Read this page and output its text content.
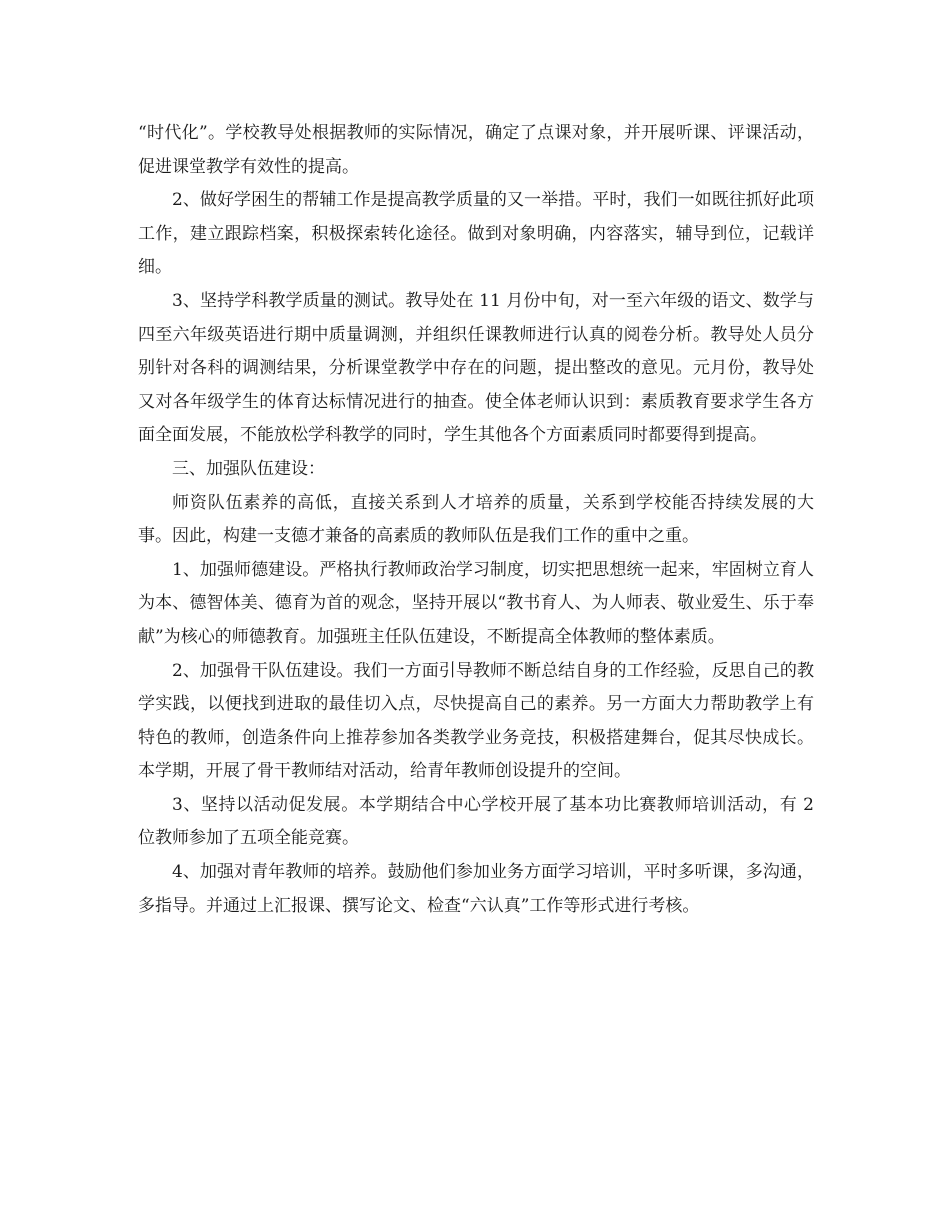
“时代化”。学校教导处根据教师的实际情况，确定了点课对象，并开展听课、评课活动，促进课堂教学有效性的提高。

2、做好学困生的帮辅工作是提高教学质量的又一举措。平时，我们一如既往抓好此项工作，建立跟踪档案，积极探索转化途径。做到对象明确，内容落实，辅导到位，记载详细。

3、坚持学科教学质量的测试。教导处在 11 月份中旬，对一至六年级的语文、数学与四至六年级英语进行期中质量调测，并组织任课教师进行认真的阅卷分析。教导处人员分别针对各科的调测结果，分析课堂教学中存在的问题，提出整改的意见。元月份，教导处又对各年级学生的体育达标情况进行的抽查。使全体老师认识到：素质教育要求学生各方面全面发展，不能放松学科教学的同时，学生其他各个方面素质同时都要得到提高。

三、加强队伍建设：

师资队伍素养的高低，直接关系到人才培养的质量，关系到学校能否持续发展的大事。因此，构建一支德才兼备的高素质的教师队伍是我们工作的重中之重。

1、加强师德建设。严格执行教师政治学习制度，切实把思想统一起来，牢固树立育人为本、德智体美、德育为首的观念，坚持开展以“教书育人、为人师表、敬业爱生、乐于奉献”为核心的师德教育。加强班主任队伍建设，不断提高全体教师的整体素质。

2、加强骨干队伍建设。我们一方面引导教师不断总结自身的工作经验，反思自己的教学实践，以便找到进取的最佳切入点，尽快提高自己的素养。另一方面大力帮助教学上有特色的教师，创造条件向上推荐参加各类教学业务竞技，积极搭建舞台，促其尽快成长。本学期，开展了骨干教师结对活动，给青年教师创设提升的空间。

3、坚持以活动促发展。本学期结合中心学校开展了基本功比赛教师培训活动，有 2 位教师参加了五项全能竞赛。

4、加强对青年教师的培养。鼓励他们参加业务方面学习培训，平时多听课，多沟通，多指导。并通过上汇报课、撰写论文、检查“六认真”工作等形式进行考核。
